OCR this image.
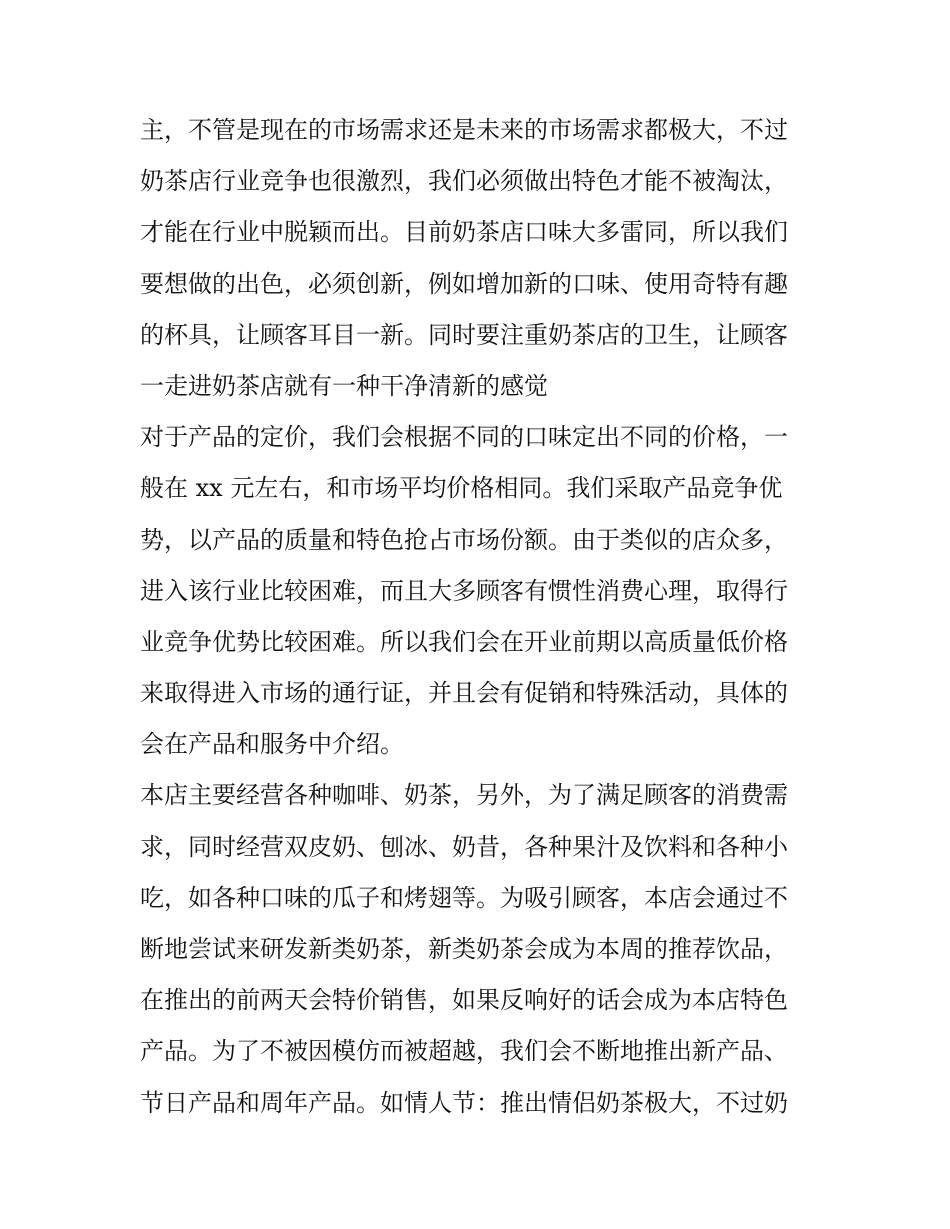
主，不管是现在的市场需求还是未来的市场需求都极大，不过
奶茶店行业竞争也很激烈，我们必须做出特色才能不被淘汰，
才能在行业中脱颖而出。目前奶茶店口味大多雷同，所以我们
要想做的出色，必须创新，例如增加新的口味、使用奇特有趣
的杯具，让顾客耳目一新。同时要注重奶茶店的卫生，让顾客
一走进奶茶店就有一种干净清新的感觉
对于产品的定价，我们会根据不同的口味定出不同的价格，一
般在 xx 元左右，和市场平均价格相同。我们采取产品竞争优
势，以产品的质量和特色抢占市场份额。由于类似的店众多，
进入该行业比较困难，而且大多顾客有惯性消费心理，取得行
业竞争优势比较困难。所以我们会在开业前期以高质量低价格
来取得进入市场的通行证，并且会有促销和特殊活动，具体的
会在产品和服务中介绍。
本店主要经营各种咖啡、奶茶，另外，为了满足顾客的消费需
求，同时经营双皮奶、刨冰、奶昔，各种果汁及饮料和各种小
吃，如各种口味的瓜子和烤翅等。为吸引顾客，本店会通过不
断地尝试来研发新类奶茶，新类奶茶会成为本周的推荐饮品，
在推出的前两天会特价销售，如果反响好的话会成为本店特色
产品。为了不被因模仿而被超越，我们会不断地推出新产品、
节日产品和周年产品。如情人节：推出情侣奶茶极大，不过奶
